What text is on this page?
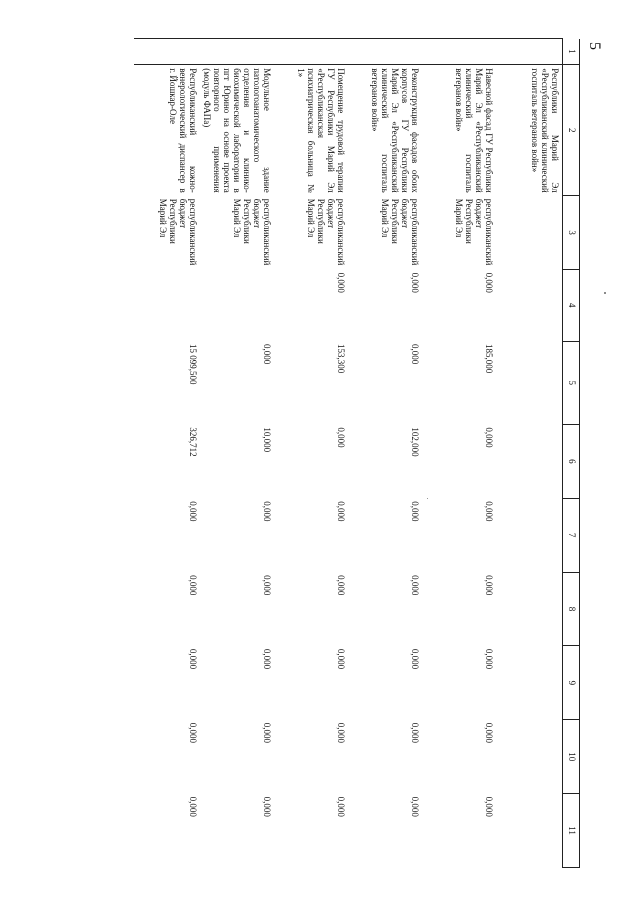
5
1	2	3	4	5	6	7	8	9	10	11
	Республики Марий Эл «Республиканский клинический госпиталь ветеранов войн»									
	Навесной фасад ГУ Республики Марий Эл «Республиканский клинический госпиталь ветеранов войн»	республиканский бюджет Республики Марий Эл	0,000	185,000	0,000	0,000	0,000	0,000	0,000	0,000
	Реконструкция фасадов обоих корпусов ГУ Республики Марий Эл «Республиканский клинический госпиталь ветеранов войн»	республиканский бюджет Республики Марий Эл	0,000	0,000	102,000	0,000	0,000	0,000	0,000	0,000
	Помещение трудовой терапии ГУ Республики Марий Эл «Республиканская психиатрическая больница № 1»	республиканский бюджет Республики Марий Эл	0,000	153,300	0,000	0,000	0,000	0,000	0,000	0,000
	Модульное здание патологоанатомического отделения и клинико-биохимической лаборатории в пгт Юрино на основе проекта повторного применения (модуль ФАПа)	республиканский бюджет Республики Марий Эл		0,000	10,000	0,000	0,000	0,000	0,000	0,000
	Республиканский кожно-венерологический диспансер в г. Йошкар-Оле	республиканский бюджет Республики Марий Эл		15 099,500	326,712	0,000	0,000	0,000	0,000	0,000
